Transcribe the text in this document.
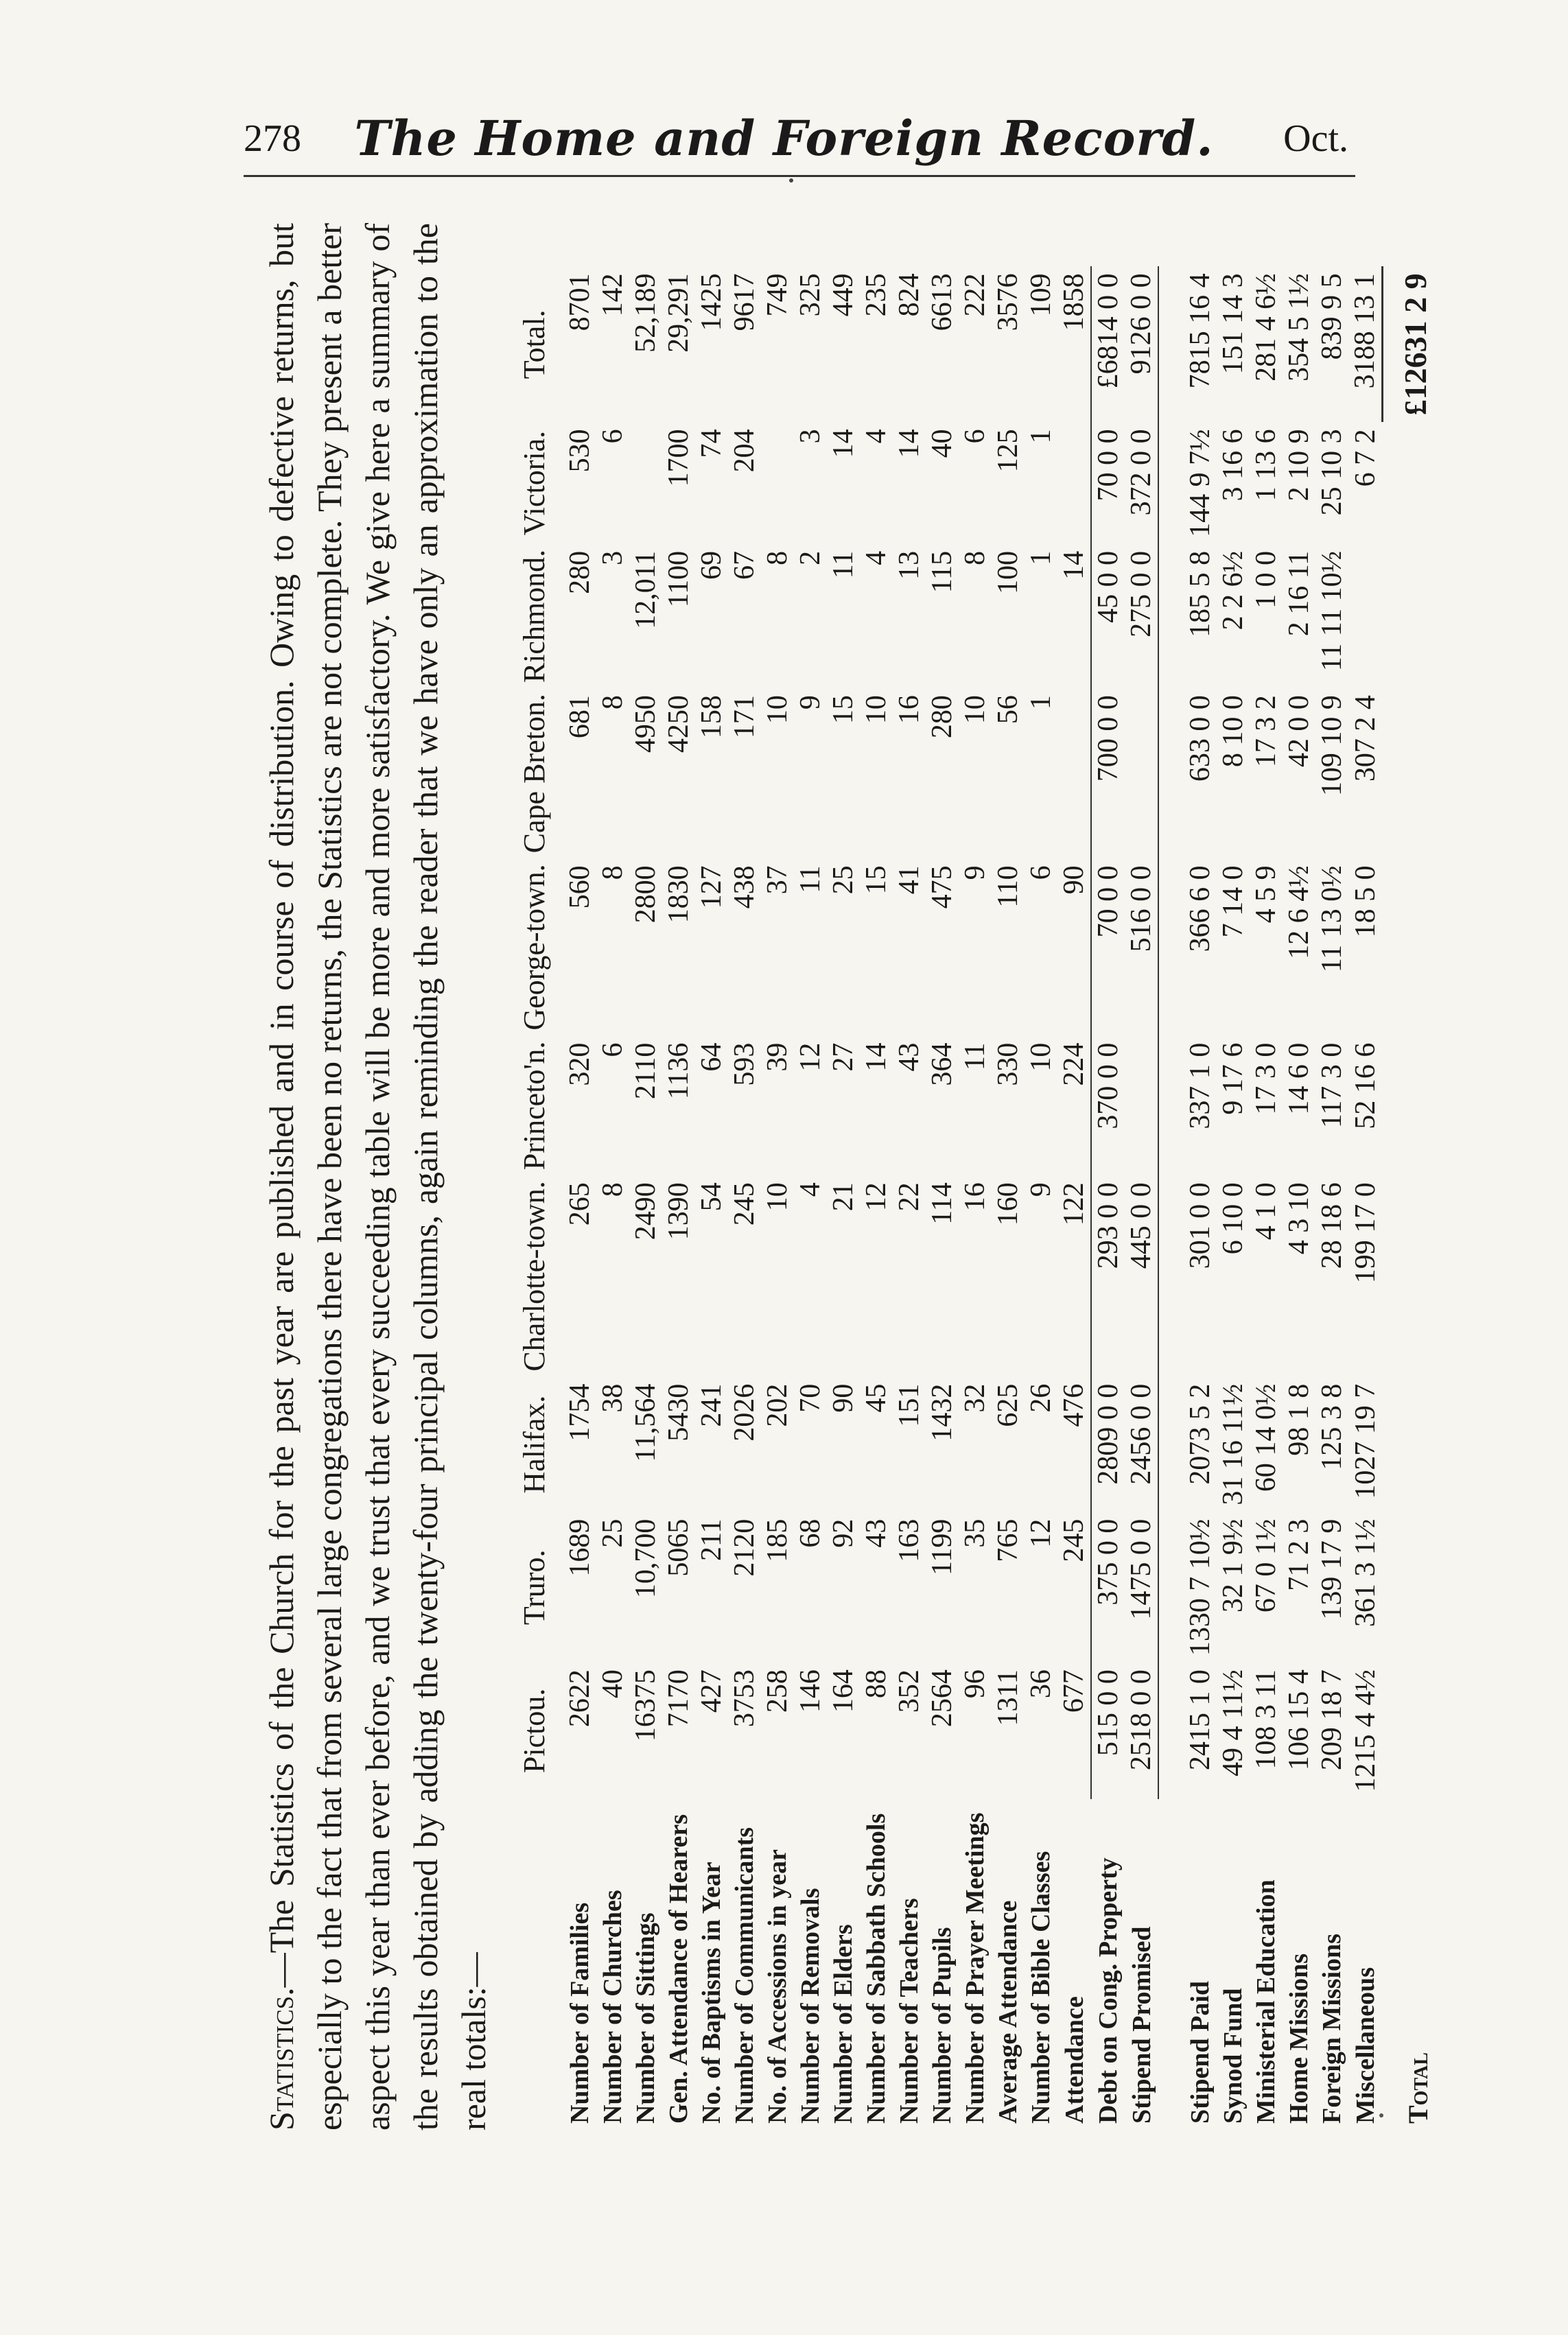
278	The Home and Foreign Record.	Oct.
Statistics.—The Statistics of the Church for the past year are published and in course of distribution. Owing to defective returns, but especially to the fact that from several large congregations there have been no returns, the Statistics are not complete. They present a better aspect this year than ever before, and we trust that every succeeding table will be more and more satisfactory. We give here a summary of the results obtained by adding the twenty-four principal columns, again reminding the reader that we have only an approximation to the real totals:—
	Pictou.	Truro.	Halifax.	Charlotte-town.	Princeto'n.	George-town.	Cape Breton.	Richmond.	Victoria.	Total.
Number of Families	2622	1689	1754	265	320	560	681	280	530	8701
Number of Churches	40	25	38	8	6	8	8	3	6	142
Number of Sittings	16375	10,700	11,564	2490	2110	2800	4950	12,011		52,189
Gen. Attendance of Hearers	7170	5065	5430	1390	1136	1830	4250	1100	1700	29,291
No. of Baptisms in Year	427	211	241	54	64	127	158	69	74	1425
Number of Communicants	3753	2120	2026	245	593	438	171	67	204	9617
No. of Accessions in year	258	185	202	10	39	37	10	8		749
Number of Removals	146	68	70	4	12	11	9	2	3	325
Number of Elders	164	92	90	21	27	25	15	11	14	449
Number of Sabbath Schools	88	43	45	12	14	15	10	4	4	235
Number of Teachers	352	163	151	22	43	41	16	13	14	824
Number of Pupils	2564	1199	1432	114	364	475	280	115	40	6613
Number of Prayer Meetings	96	35	32	16	11	9	10	8	6	222
Average Attendance	1311	765	625	160	330	110	56	100	125	3576
Number of Bible Classes	36	12	26	9	10	6	1	1	1	109
Attendance	677	245	476	122	224	90		14		1858
Debt on Cong. Property	515 0 0	375 0 0	2809 0 0	293 0 0	370 0 0	70 0 0	700 0 0	45 0 0	70 0 0	£6814 0 0
Stipend Promised	2518 0 0	1475 0 0	2456 0 0	445 0 0		516 0 0		275 0 0	372 0 0	9126 0 0

Stipend Paid	2415 1 0	1330 7 10½	2073 5 2	301 0 0	337 1 0	366 6 0	633 0 0	185 5 8	144 9 7½	7815 16 4
Synod Fund	49 4 11½	32 1 9½	31 16 11½	6 10 0	9 17 6	7 14 0	8 10 0	2 2 6½	3 16 6	151 14 3
Ministerial Education	108 3 11	67 0 1½	60 14 0½	4 1 0	17 3 0	4 5 9	17 3 2	1 0 0	1 13 6	281 4 6½
Home Missions	106 15 4	71 2 3	98 1 8	4 3 10	14 6 0	12 6 4½	42 0 0	2 16 11	2 10 9	354 5 1½
Foreign Missions	209 18 7	139 17 9	125 3 8	28 18 6	117 3 0	11 13 0½	109 10 9	11 11 10½	25 10 3	839 9 5
Miscellaneous	1215 4 4½	361 3 1½	1027 19 7	199 17 0	52 16 6	18 5 0	307 2 4		6 7 2	3188 13 1
Total										£12631 2 9
